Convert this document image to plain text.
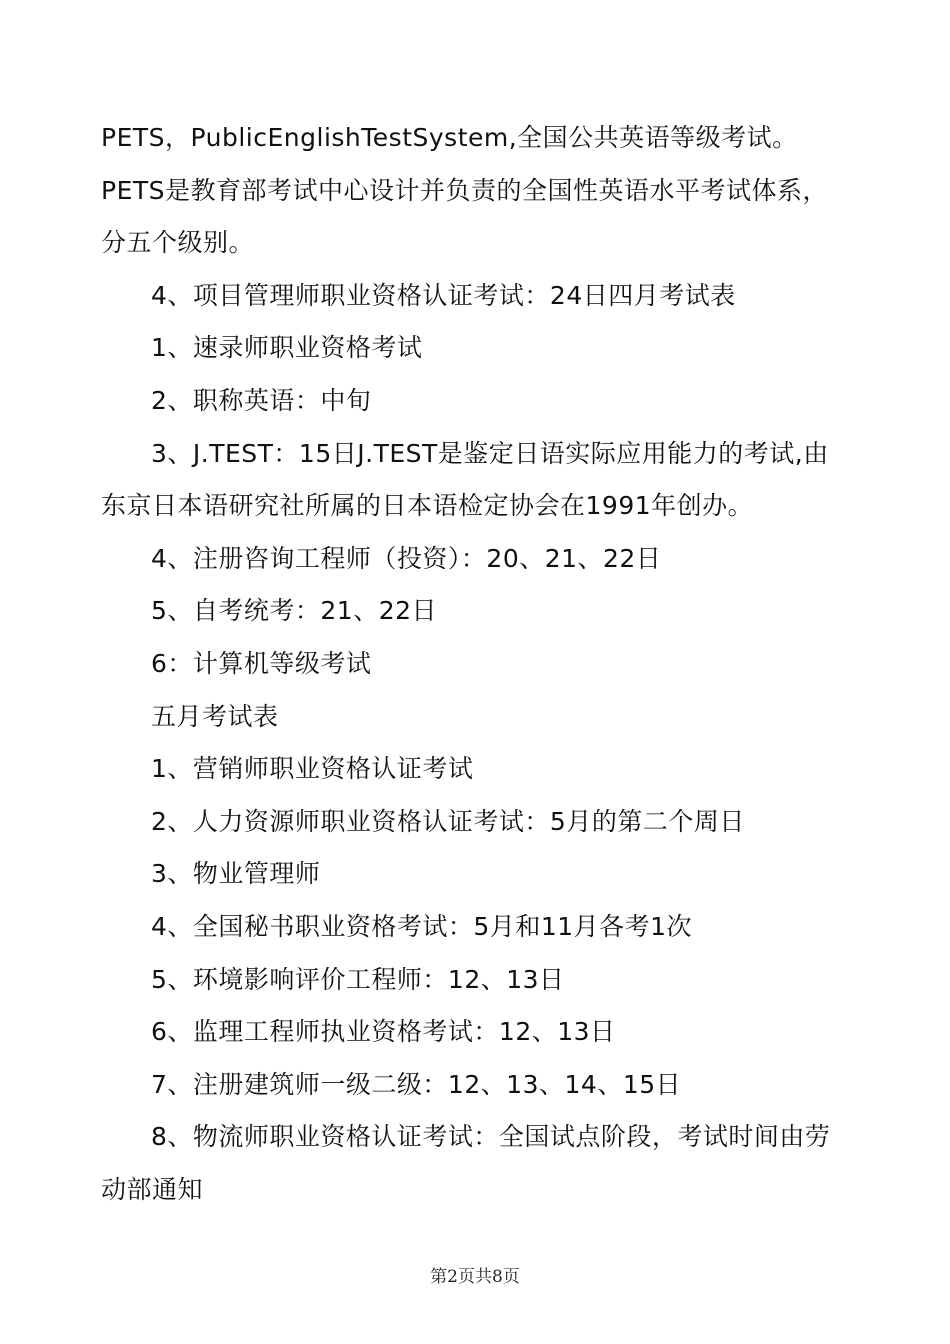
PETS，PublicEnglishTestSystem,全国公共英语等级考试。

PETS是教育部考试中心设计并负责的全国性英语水平考试体系，分五个级别。

4、项目管理师职业资格认证考试：24日四月考试表

1、速录师职业资格考试

2、职称英语：中旬

3、J.TEST：15日J.TEST是鉴定日语实际应用能力的考试,由东京日本语研究社所属的日本语检定协会在1991年创办。

4、注册咨询工程师（投资）：20、21、22日

5、自考统考：21、22日

6：计算机等级考试

五月考试表

1、营销师职业资格认证考试

2、人力资源师职业资格认证考试：5月的第二个周日

3、物业管理师

4、全国秘书职业资格考试：5月和11月各考1次

5、环境影响评价工程师：12、13日

6、监理工程师执业资格考试：12、13日

7、注册建筑师一级二级：12、13、14、15日

8、物流师职业资格认证考试：全国试点阶段，考试时间由劳动部通知

第2页共8页
